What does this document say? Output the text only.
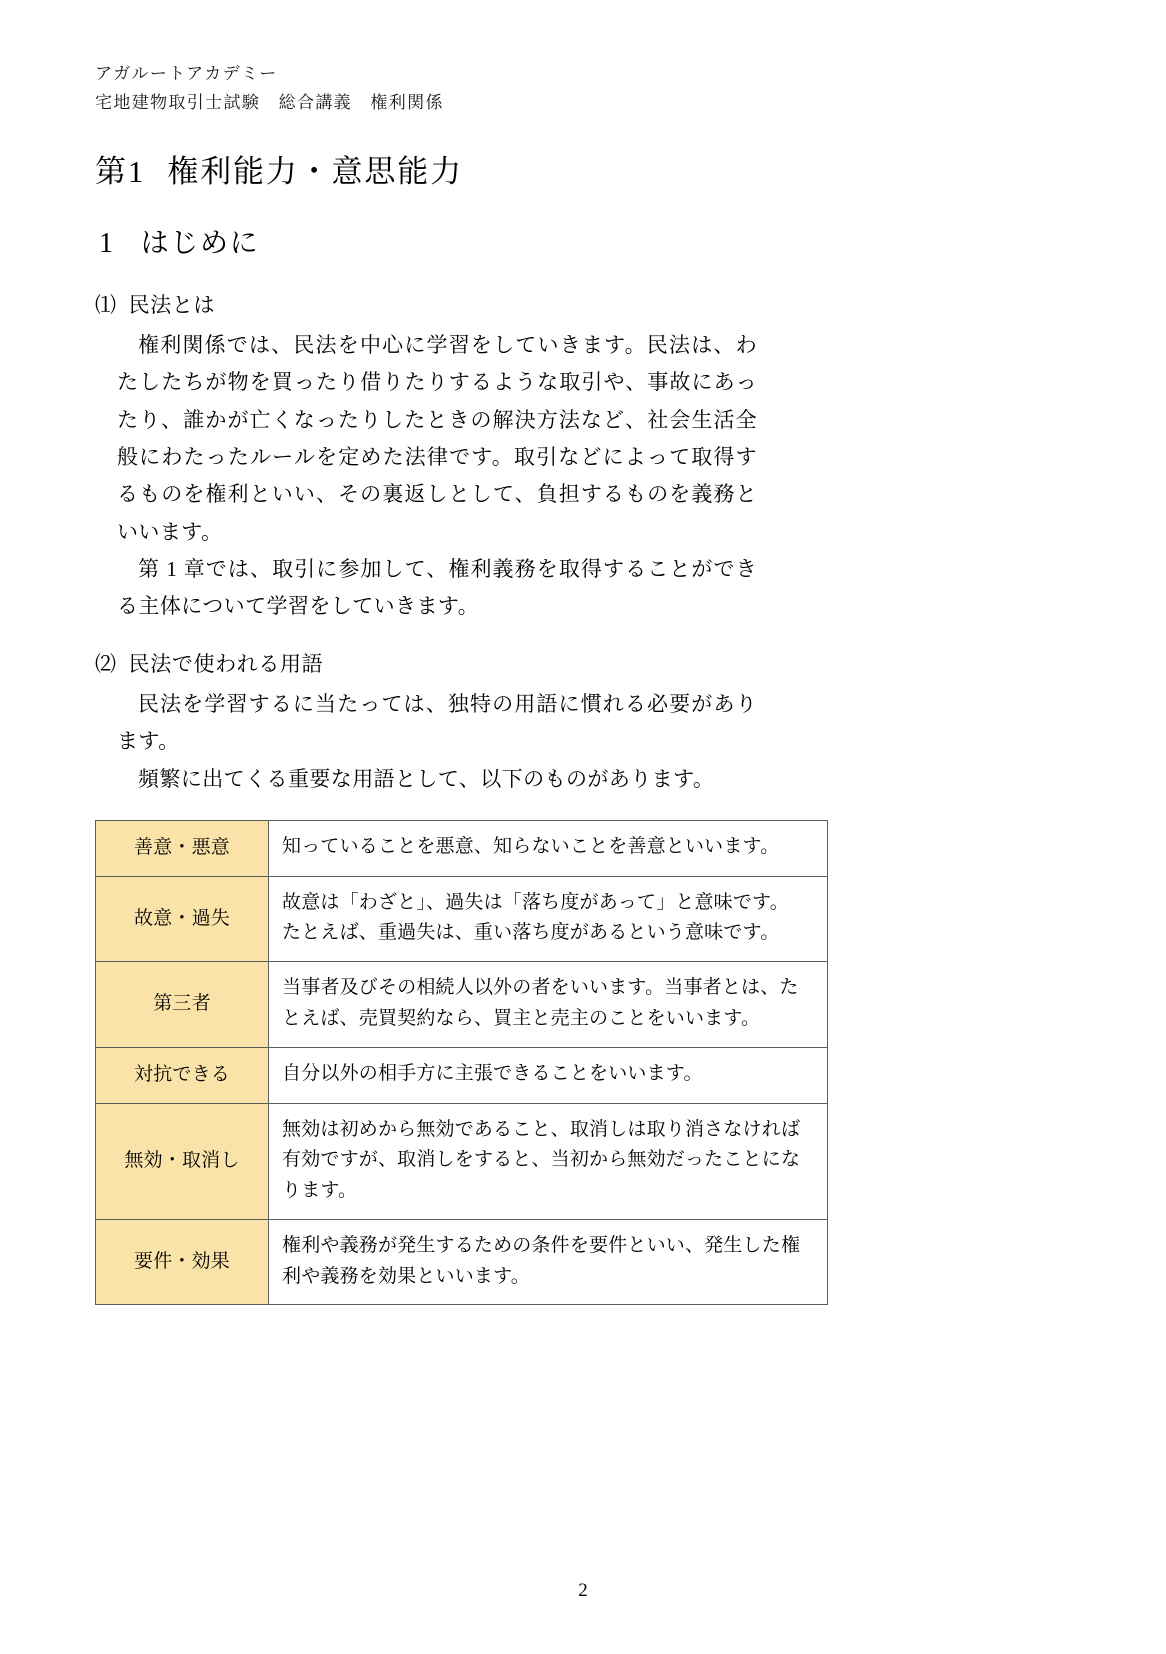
アガルートアカデミー
宅地建物取引士試験　総合講義　権利関係
第1 権利能力・意思能力
1 はじめに
⑴ 民法とは

権利関係では、民法を中心に学習をしていきます。民法は、わたしたちが物を買ったり借りたりするような取引や、事故にあったり、誰かが亡くなったりしたときの解決方法など、社会生活全般にわたったルールを定めた法律です。取引などによって取得するものを権利といい、その裏返しとして、負担するものを義務といいます。

第 1 章では、取引に参加して、権利義務を取得することができる主体について学習をしていきます。

⑵ 民法で使われる用語

民法を学習するに当たっては、独特の用語に慣れる必要があります。

頻繁に出てくる重要な用語として、以下のものがあります。

善意・悪意	知っていることを悪意、知らないことを善意といいます。

故意・過失	故意は「わざと」、過失は「落ち度があって」と意味です。
たとえば、重過失は、重い落ち度があるという意味です。

第三者	当事者及びその相続人以外の者をいいます。当事者とは、たとえば、売買契約なら、買主と売主のことをいいます。

対抗できる	自分以外の相手方に主張できることをいいます。

無効・取消し	無効は初めから無効であること、取消しは取り消さなければ有効ですが、取消しをすると、当初から無効だったことになります。

要件・効果	権利や義務が発生するための条件を要件といい、発生した権利や義務を効果といいます。
2
